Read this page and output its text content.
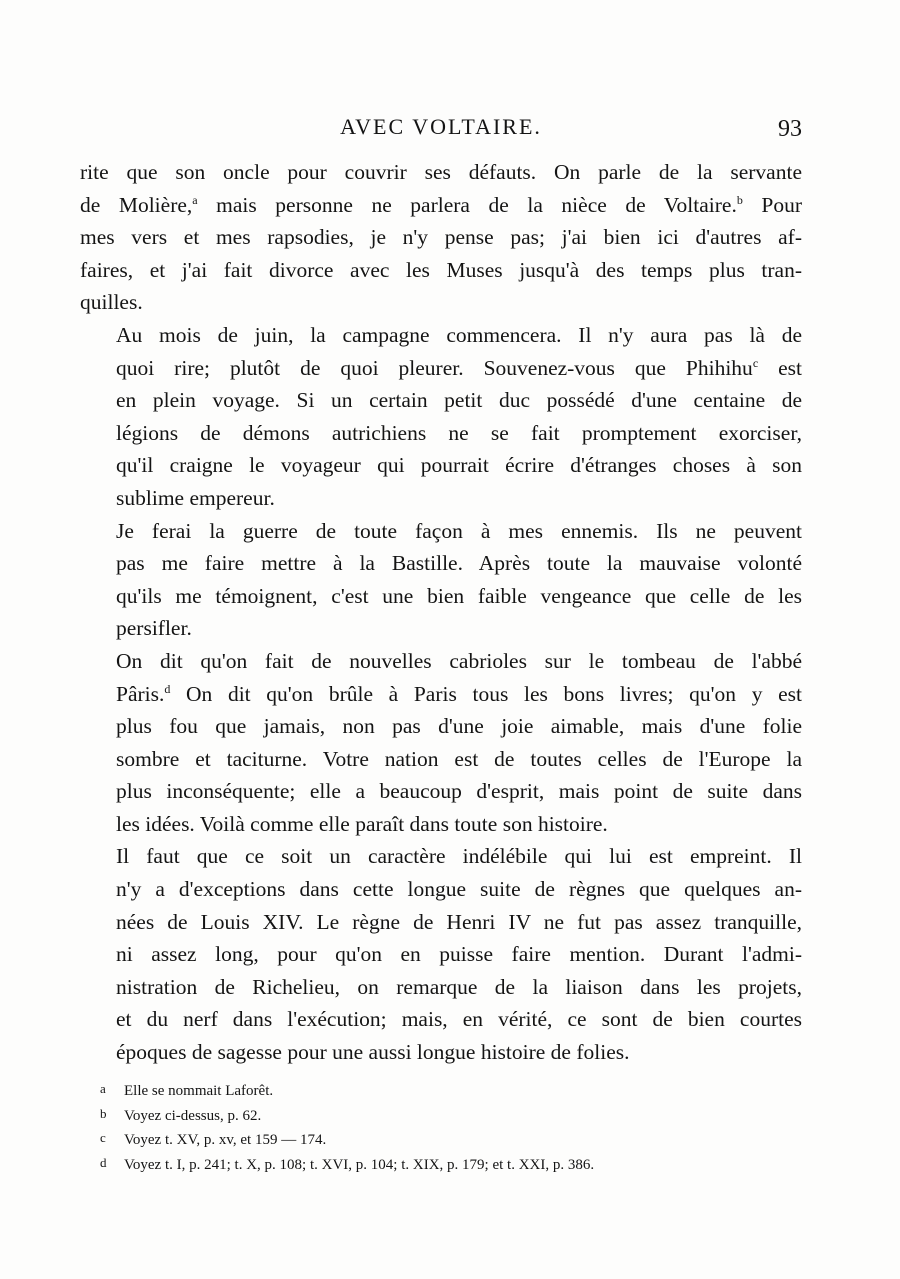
AVEC VOLTAIRE.	93

rite que son oncle pour couvrir ses défauts. On parle de la servante
de Molière,$^a$ mais personne ne parlera de la nièce de Voltaire.$^b$ Pour
mes vers et mes rapsodies, je n'y pense pas; j'ai bien ici d'autres af-
faires, et j'ai fait divorce avec les Muses jusqu'à des temps plus tran-
quilles.

Au mois de juin, la campagne commencera. Il n'y aura pas là de
quoi rire; plutôt de quoi pleurer. Souvenez-vous que Phihihu$^c$ est
en plein voyage. Si un certain petit duc possédé d'une centaine de
légions de démons autrichiens ne se fait promptement exorciser,
qu'il craigne le voyageur qui pourrait écrire d'étranges choses à son
sublime empereur.

Je ferai la guerre de toute façon à mes ennemis. Ils ne peuvent
pas me faire mettre à la Bastille. Après toute la mauvaise volonté
qu'ils me témoignent, c'est une bien faible vengeance que celle de les
persifler.

On dit qu'on fait de nouvelles cabrioles sur le tombeau de l'abbé
Pâris.$^d$ On dit qu'on brûle à Paris tous les bons livres; qu'on y est
plus fou que jamais, non pas d'une joie aimable, mais d'une folie
sombre et taciturne. Votre nation est de toutes celles de l'Europe la
plus inconséquente; elle a beaucoup d'esprit, mais point de suite dans
les idées. Voilà comme elle paraît dans toute son histoire.

Il faut que ce soit un caractère indélébile qui lui est empreint. Il
n'y a d'exceptions dans cette longue suite de règnes que quelques an-
nées de Louis XIV. Le règne de Henri IV ne fut pas assez tranquille,
ni assez long, pour qu'on en puisse faire mention. Durant l'admi-
nistration de Richelieu, on remarque de la liaison dans les projets,
et du nerf dans l'exécution; mais, en vérité, ce sont de bien courtes
époques de sagesse pour une aussi longue histoire de folies.

a Elle se nommait Laforêt.
b Voyez ci-dessus, p. 62.
c Voyez t. XV, p. xv, et 159 — 174.
d Voyez t. I, p. 241; t. X, p. 108; t. XVI, p. 104; t. XIX, p. 179; et t. XXI, p. 386.
